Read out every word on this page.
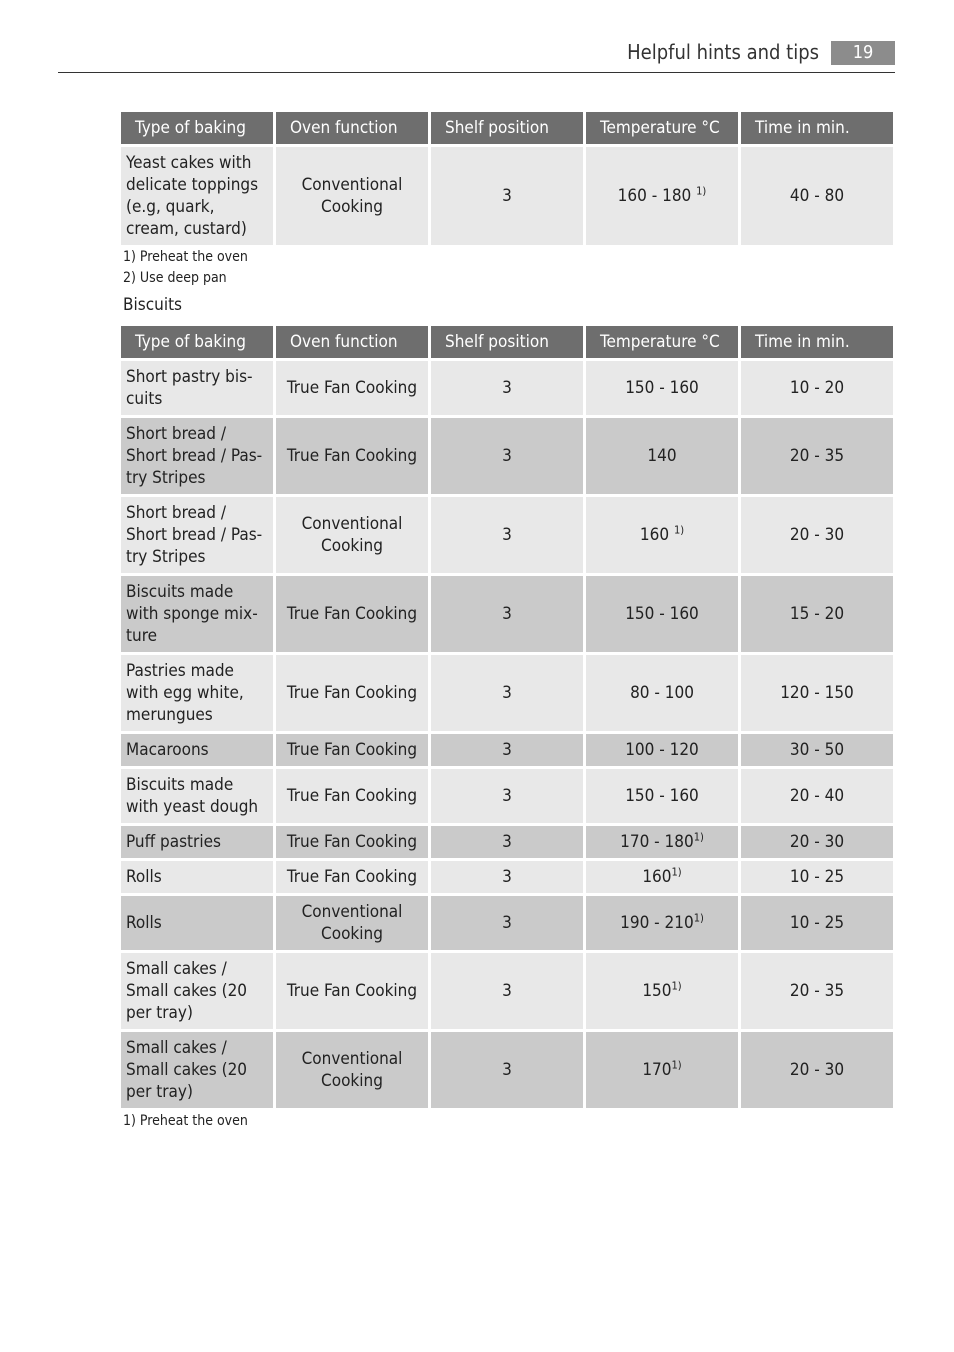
Helpful hints and tips	19
Type of baking	Oven function	Shelf position	Temperature °C	Time in min.
Yeast cakes with delicate toppings (e.g, quark, cream, custard)	Conventional Cooking	3	160 - 180 $^{1)}$	40 - 80
1) Preheat the oven
2) Use deep pan
Biscuits
Type of baking	Oven function	Shelf position	Temperature °C	Time in min.
Short pastry bis-cuits	True Fan Cooking	3	150 - 160	10 - 20
Short bread / Short bread / Pas-try Stripes	True Fan Cooking	3	140	20 - 35
Short bread / Short bread / Pas-try Stripes	Conventional Cooking	3	160 $^{1)}$	20 - 30
Biscuits made with sponge mix-ture	True Fan Cooking	3	150 - 160	15 - 20
Pastries made with egg white, merungues	True Fan Cooking	3	80 - 100	120 - 150
Macaroons	True Fan Cooking	3	100 - 120	30 - 50
Biscuits made with yeast dough	True Fan Cooking	3	150 - 160	20 - 40
Puff pastries	True Fan Cooking	3	170 - 180$^{1)}$	20 - 30
Rolls	True Fan Cooking	3	160$^{1)}$	10 - 25
Rolls	Conventional Cooking	3	190 - 210$^{1)}$	10 - 25
Small cakes / Small cakes (20 per tray)	True Fan Cooking	3	150$^{1)}$	20 - 35
Small cakes / Small cakes (20 per tray)	Conventional Cooking	3	170$^{1)}$	20 - 30
1) Preheat the oven
